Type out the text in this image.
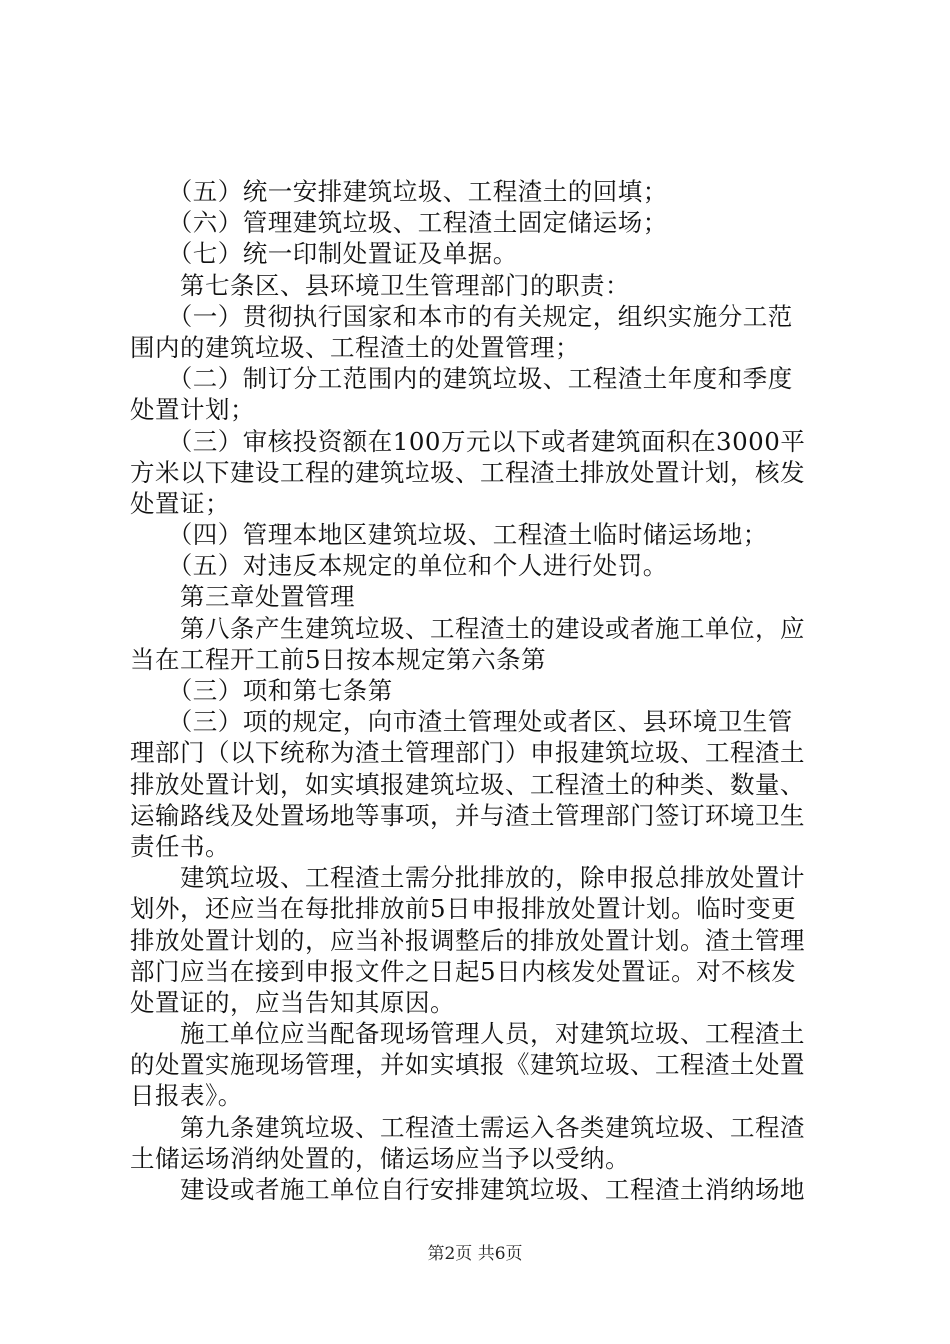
　　（五）统一安排建筑垃圾、工程渣土的回填；
　　（六）管理建筑垃圾、工程渣土固定储运场；
　　（七）统一印制处置证及单据。
　　第七条区、县环境卫生管理部门的职责：
　　（一）贯彻执行国家和本市的有关规定，组织实施分工范
围内的建筑垃圾、工程渣土的处置管理；
　　（二）制订分工范围内的建筑垃圾、工程渣土年度和季度
处置计划；
　　（三）审核投资额在100万元以下或者建筑面积在3000平
方米以下建设工程的建筑垃圾、工程渣土排放处置计划，核发
处置证；
　　（四）管理本地区建筑垃圾、工程渣土临时储运场地；
　　（五）对违反本规定的单位和个人进行处罚。
　　第三章处置管理
　　第八条产生建筑垃圾、工程渣土的建设或者施工单位，应
当在工程开工前5日按本规定第六条第
　　（三）项和第七条第
　　（三）项的规定，向市渣土管理处或者区、县环境卫生管
理部门（以下统称为渣土管理部门）申报建筑垃圾、工程渣土
排放处置计划，如实填报建筑垃圾、工程渣土的种类、数量、
运输路线及处置场地等事项，并与渣土管理部门签订环境卫生
责任书。
　　建筑垃圾、工程渣土需分批排放的，除申报总排放处置计
划外，还应当在每批排放前5日申报排放处置计划。临时变更
排放处置计划的，应当补报调整后的排放处置计划。渣土管理
部门应当在接到申报文件之日起5日内核发处置证。对不核发
处置证的，应当告知其原因。
　　施工单位应当配备现场管理人员，对建筑垃圾、工程渣土
的处置实施现场管理，并如实填报《建筑垃圾、工程渣土处置
日报表》。
　　第九条建筑垃圾、工程渣土需运入各类建筑垃圾、工程渣
土储运场消纳处置的，储运场应当予以受纳。
　　建设或者施工单位自行安排建筑垃圾、工程渣土消纳场地
第2页 共6页
